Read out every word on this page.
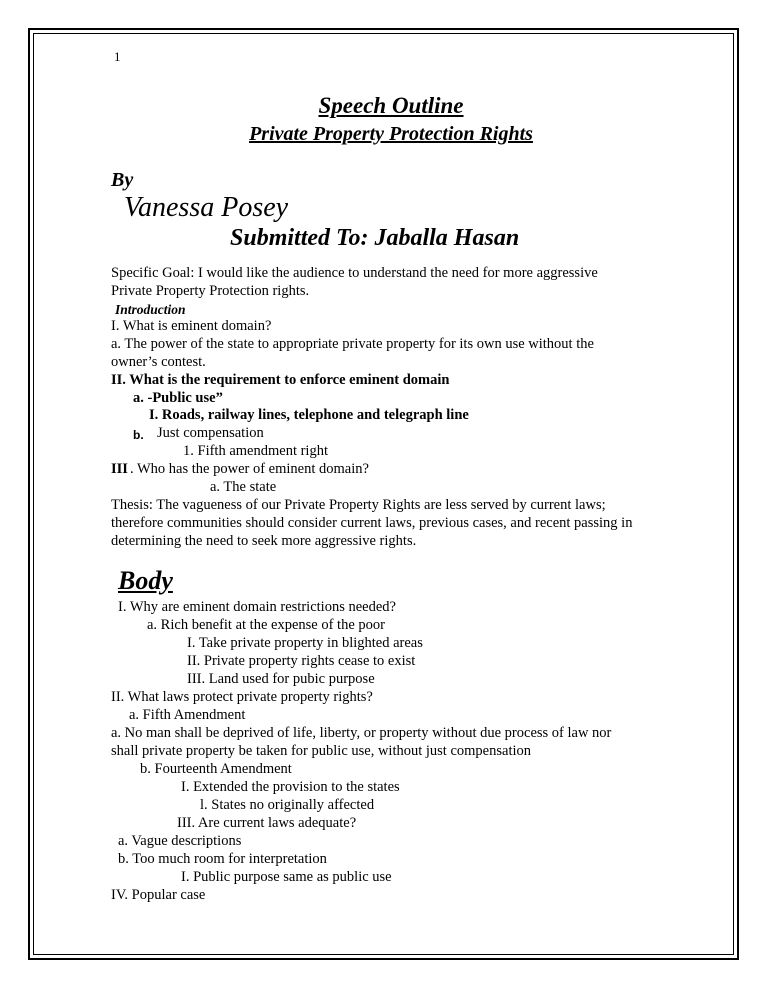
1
Speech Outline
Private Property Protection Rights
By
Vanessa Posey
Submitted To: Jaballa Hasan
Specific Goal: I would like the audience to understand the need for more aggressive
Private Property Protection rights.
Introduction
I. What is eminent domain?
a. The power of the state to appropriate private property for its own use without the
owner’s contest.
II. What is the requirement to enforce eminent domain
a. -Public use”
I. Roads, railway lines, telephone and telegraph line
b. Just compensation
1. Fifth amendment right
III . Who has the power of eminent domain?
a. The state
Thesis: The vagueness of our Private Property Rights are less served by current laws;
therefore communities should consider current laws, previous cases, and recent passing in
determining the need to seek more aggressive rights.
Body
I. Why are eminent domain restrictions needed?
a. Rich benefit at the expense of the poor
I. Take private property in blighted areas
II. Private property rights cease to exist
III. Land used for pubic purpose
II. What laws protect private property rights?
a. Fifth Amendment
a. No man shall be deprived of life, liberty, or property without due process of law nor
shall private property be taken for public use, without just compensation
b. Fourteenth Amendment
I. Extended the provision to the states
l. States no originally affected
III. Are current laws adequate?
a. Vague descriptions
b. Too much room for interpretation
I. Public purpose same as public use
IV. Popular case
